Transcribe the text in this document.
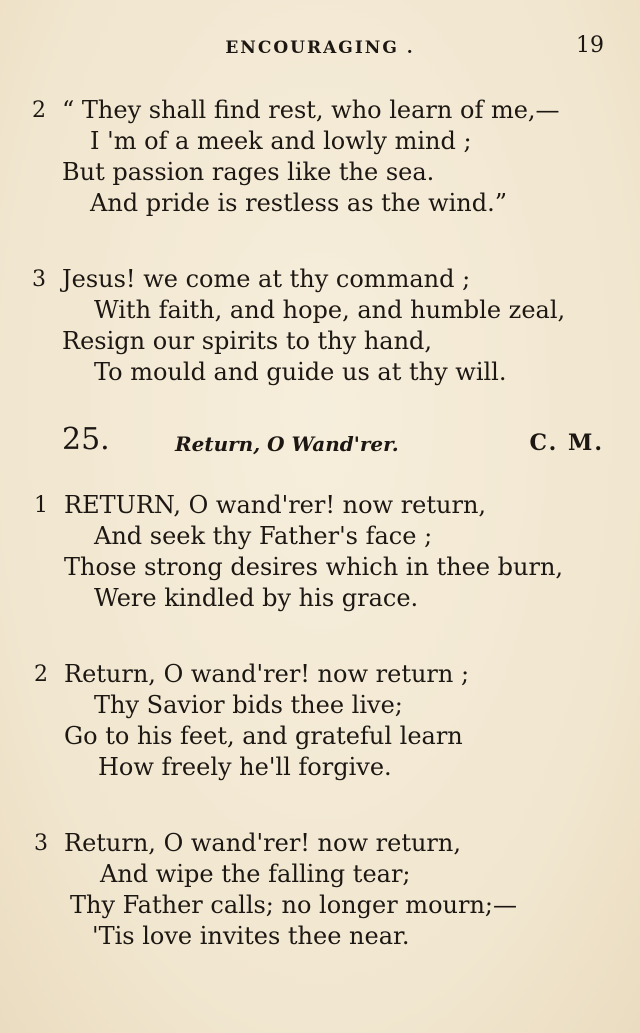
ENCOURAGING .	19
2 “ They shall find rest, who learn of me,—
I 'm of a meek and lowly mind ;
But passion rages like the sea.
And pride is restless as the wind.”
3 Jesus! we come at thy command ;
With faith, and hope, and humble zeal,
Resign our spirits to thy hand,
To mould and guide us at thy will.
25.	Return, O Wand'rer.	C. M.
1 RETURN, O wand'rer! now return,
And seek thy Father's face ;
Those strong desires which in thee burn,
Were kindled by his grace.
2 Return, O wand'rer! now return ;
Thy Savior bids thee live;
Go to his feet, and grateful learn
How freely he'll forgive.
3 Return, O wand'rer! now return,
And wipe the falling tear;
Thy Father calls; no longer mourn;—
'Tis love invites thee near.
